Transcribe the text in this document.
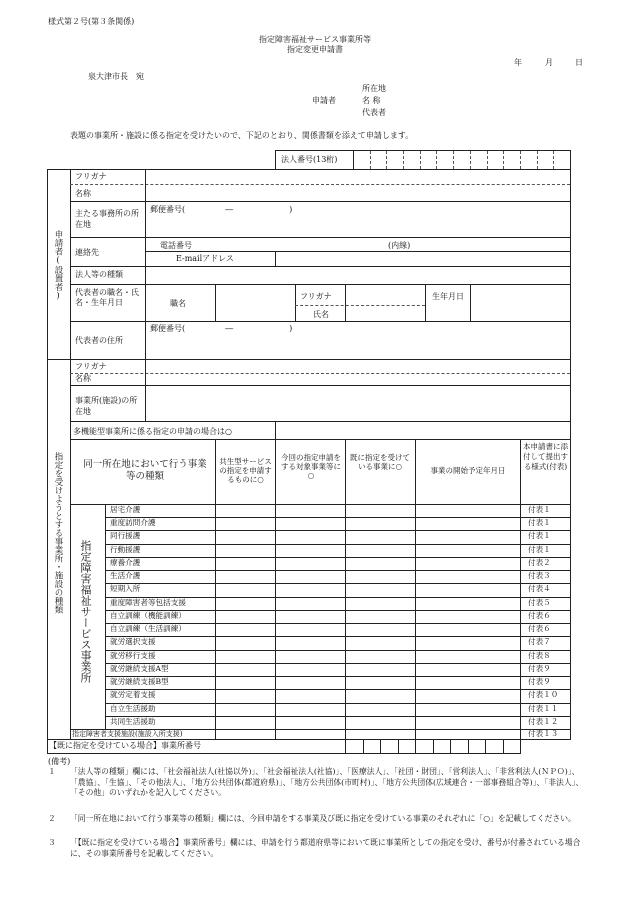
様式第２号(第３条関係)
指定障害福祉サービス事業所等
指定変更申請書
年	月	日
泉大津市長　宛
所在地
申請者	名 称
代表者
表題の事業所・施設に係る指定を受けたいので、下記のとおり、関係書類を添えて申請します。
法人番号(13桁)
申請者(設置者)
フリガナ
名称
主たる事務所の所在地
郵便番号(　　　　　―　　　　　　　)
連絡先
電話番号	(内線)
E-mailアドレス
法人等の種類
代表者の職名・氏名・生年月日	職名
フリガナ
氏名
生年月日
郵便番号(　　　　　―　　　　　　　)
代表者の住所
指定を受けようとする事業所・施設の種類
フリガナ
名称
事業所(施設)の所在地
多機能型事業所に係る指定の申請の場合は○
同一所在地において行う事業等の種類
共生型サービスの指定を申請するものに○
今回の指定申請をする対象事業等に○
既に指定を受けている事業に○	事業の開始予定年月日
本申請書に添付して提出する様式(付表)
指定障害福祉サービス事業所
居宅介護	付表１
重度訪問介護	付表１
同行援護	付表１
行動援護	付表１
療養介護	付表２
生活介護	付表３
短期入所	付表４
重度障害者等包括支援	付表５
自立訓練（機能訓練）	付表６
自立訓練（生活訓練）	付表６
就労選択支援	付表７
就労移行支援	付表８
就労継続支援A型	付表９
就労継続支援B型	付表９
就労定着支援	付表１０
自立生活援助	付表１１
共同生活援助	付表１２
指定障害者支援施設(施設入所支援)	付表１３
【既に指定を受けている場合】事業所番号
(備考)
１ 「法人等の種類」欄には、「社会福祉法人(社協以外)」、「社会福祉法人(社協)」、「医療法人」、「社団・財団」、「営利法人」、「非営利法人(ＮＰＯ)」、「農協」、「生協」、「その他法人」、「地方公共団体(都道府県)」、「地方公共団体(市町村)」、「地方公共団体(広域連合・一部事務組合等)」、「非法人」、「その他」のいずれかを記入してください。
２ 「同一所在地において行う事業等の種類」欄には、今回申請をする事業及び既に指定を受けている事業のそれぞれに「○」を記載してください。
３ 「【既に指定を受けている場合】事業所番号」欄には、申請を行う都道府県等において既に事業所としての指定を受け、番号が付番されている場合に、その事業所番号を記載してください。
